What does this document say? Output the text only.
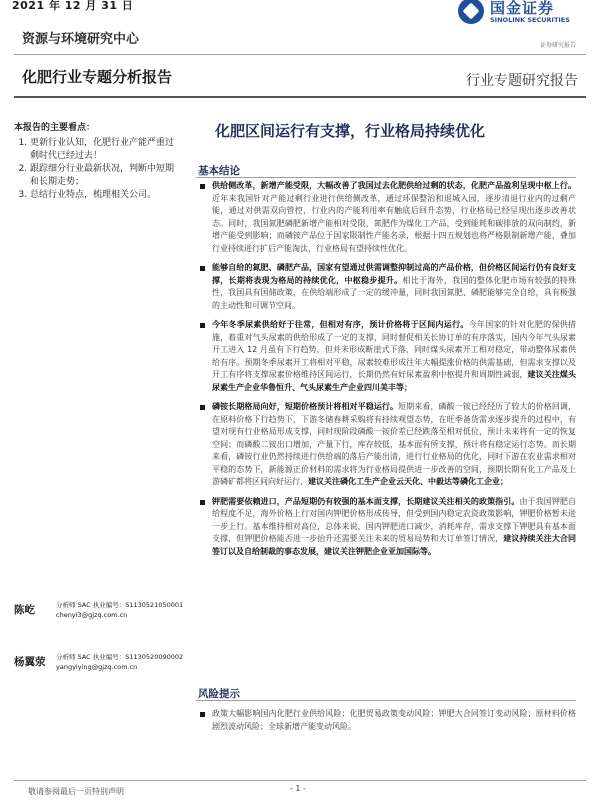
2021 年 12 月 31 日	国金证券
SINOLINK SECURITIES
证券研究报告
资源与环境研究中心
化肥行业专题分析报告	行业专题研究报告
本报告的主要看点：
1. 更新行业认知，化肥行业产能严重过剩时代已经过去！
2. 跟踪细分行业最新状况，判断中短期和长期走势；
3. 总结行业特点，梳理相关公司。
陈屹	分析师 SAC 执业编号：S1130521050001
chenyi3@gjzq.com.cn
杨翼荥 分析师 SAC 执业编号：S1130520090002
yangyiying@gjzq.com.cn
化肥区间运行有支撑，行业格局持续优化
基本结论
供给侧改革，新增产能受限，大幅改善了我国过去化肥供给过剩的状态，化肥产品盈利呈现中枢上行。近年来我国针对产能过剩行业进行供给侧改革，通过环保整治和退城入园，逐步清退行业内的过剩产能，通过对供需双向管控，行业内的产能利用率有触底后回升态势，行业格局已经呈现出逐步改善状态。同时，我国氮肥磷肥新增产能相对受限，氮肥作为煤化工产品，受到能耗和碳排放的双向制约，新增产能受到影响；而磷铵产品位于国家限制性产能名录，根据十四五规划也将严格限制新增产能，叠加行业持续进行扩后产能淘汰，行业格局有望持续性优化。
能够自给的氮肥、磷肥产品，国家有望通过供需调整抑制过高的产品价格，但价格区间运行仍有良好支撑，长期将表现为格局的持续优化，中枢稳步提升。相比于海外，我国的整体化肥市场有较强的特殊性，我国具有国储政策，在供给端形成了一定的缓冲量，同时我国氮肥、磷肥能够完全自给，具有极强的主动性和可调节空间。
今年冬季尿素供给好于往常，但相对有序，预计价格将于区间内运行。今年国家的针对化肥的保供措施，着重对气头尿素的供给形成了一定的支撑，同时督促相关长协订单的有序落实，国内今年气头尿素开工进入 12 月虽有下行趋势，但并未形成断崖式下落，同时煤头尿素开工相对稳定，带动整体尿素供给有序。预期冬季尿素开工将相对平稳，尿素较难形成往年大幅提涨价格的供需基础，但需求支撑以及开工有序将支撑尿素价格维持区间运行，长期仍然有好尿素盈利中枢提升和周期性减弱，建议关注煤头尿素生产企业华鲁恒升、气头尿素生产企业四川美丰等；
磷铵长期格局向好，短期价格预计将相对平稳运行。短期来看，磷酸一铵已经经历了较大的价格回调，在原料价格下行趋势下，下游冬储春耕采购将有持续观望态势，在旺季备货需求逐步提升的过程中，有望对现有行业格局形成支撑，同时现阶段磷酸一铵价差已经跌落至相对低位，预计未来将有一定的恢复空间；而磷酸二铵出口增加，产量下行，库存较低，基本面有所支撑，预计将有稳定运行态势。而长期来看，磷铵行业仍然持续进行供给端的落后产能出清，进行行业格局的优化，同时下游在农业需求相对平稳的态势下，新能源正价材料的需求将为行业格局提供进一步改善的空间，预期长期有化工产品及上游磷矿都将区间向好运行，建议关注磷化工生产企业云天化、中毅达等磷化工企业；
钾肥需要依赖进口，产品短期仍有较强的基本面支撑，长期建议关注相关的政策指引。由于我国钾肥自给程度不足，海外价格上行对国内钾肥价格形成传导，但受到国内稳定农资政策影响，钾肥价格暂未进一步上行。基本维持相对高位，总体来说，国内钾肥进口减少，消耗库存，需求支撑下钾肥具有基本面支撑，但钾肥价格能否进一步抬升还需要关注未来的贸易局势和大订单签订情况，建议持续关注大合同签订以及自给制裁的事态发展，建议关注钾肥企业亚加国际等。
风险提示
政策大幅影响国内化肥行业供给风险；化肥贸易政策变动风险；钾肥大合同签订变动风险；原材料价格剧烈波动风险；全球新增产能变动风险。
敬请参阅最后一页特别声明	- 1 -
